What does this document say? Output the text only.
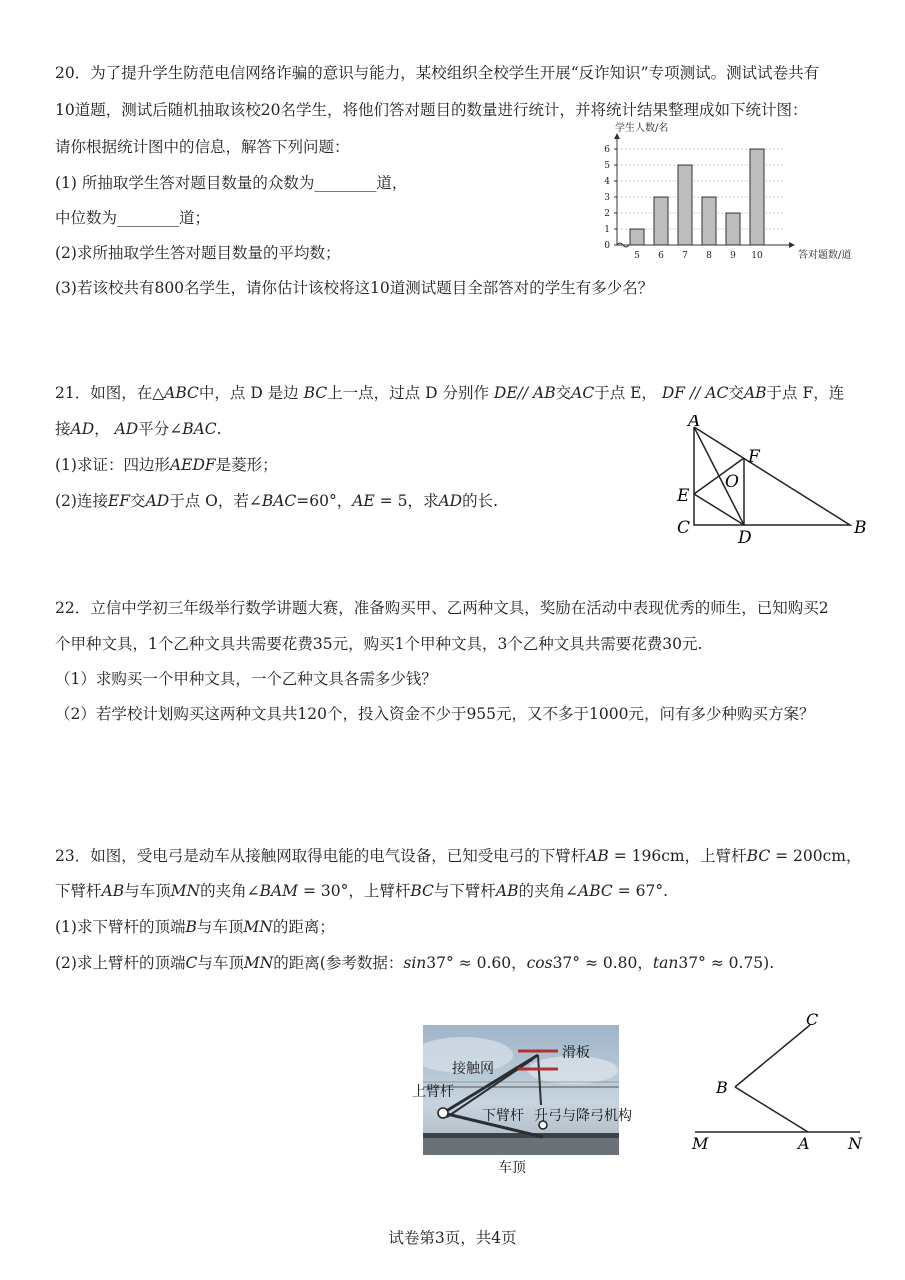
20．为了提升学生防范电信网络诈骗的意识与能力，某校组织全校学生开展“反诈知识”专项测试。测试试卷共有
10道题，测试后随机抽取该校20名学生，将他们答对题目的数量进行统计，并将统计结果整理成如下统计图：
请你根据统计图中的信息，解答下列问题：
(1) 所抽取学生答对题目数量的众数为________道，
中位数为________道；
(2)求所抽取学生答对题目数量的平均数；
(3)若该校共有800名学生，请你估计该校将这10道测试题目全部答对的学生有多少名？
0
1
2
3
4
5
6
5 6 7 8 9 10
学生人数/名
答对题数/道
21．如图，在△ABC中，点 D 是边 BC上一点，过点 D 分别作 DE// AB交AC于点 E， DF // AC交AB于点 F，连
接AD， AD平分∠BAC.
(1)求证：四边形AEDF是菱形；
(2)连接EF交AD于点 O，若∠BAC=60°，AE = 5，求AD的长.
A
F
O
E
C	D	B
22．立信中学初三年级举行数学讲题大赛，准备购买甲、乙两种文具，奖励在活动中表现优秀的师生，已知购买2
个甲种文具，1个乙种文具共需要花费35元，购买1个甲种文具，3个乙种文具共需要花费30元.
（1）求购买一个甲种文具，一个乙种文具各需多少钱？
（2）若学校计划购买这两种文具共120个，投入资金不少于955元，又不多于1000元，问有多少种购买方案？
23．如图，受电弓是动车从接触网取得电能的电气设备，已知受电弓的下臂杆AB = 196cm，上臂杆BC = 200cm，
下臂杆AB与车顶MN的夹角∠BAM = 30°，上臂杆BC与下臂杆AB的夹角∠ABC = 67°.
(1)求下臂杆的顶端B与车顶MN的距离；
(2)求上臂杆的顶端C与车顶MN的距离(参考数据：sin37° ≈ 0.60，cos37° ≈ 0.80，tan37° ≈ 0.75).
接触网
上臂杆
滑板
下臂杆 升弓与降弓机构
车顶
C
B
M	A N
试卷第3页，共4页
